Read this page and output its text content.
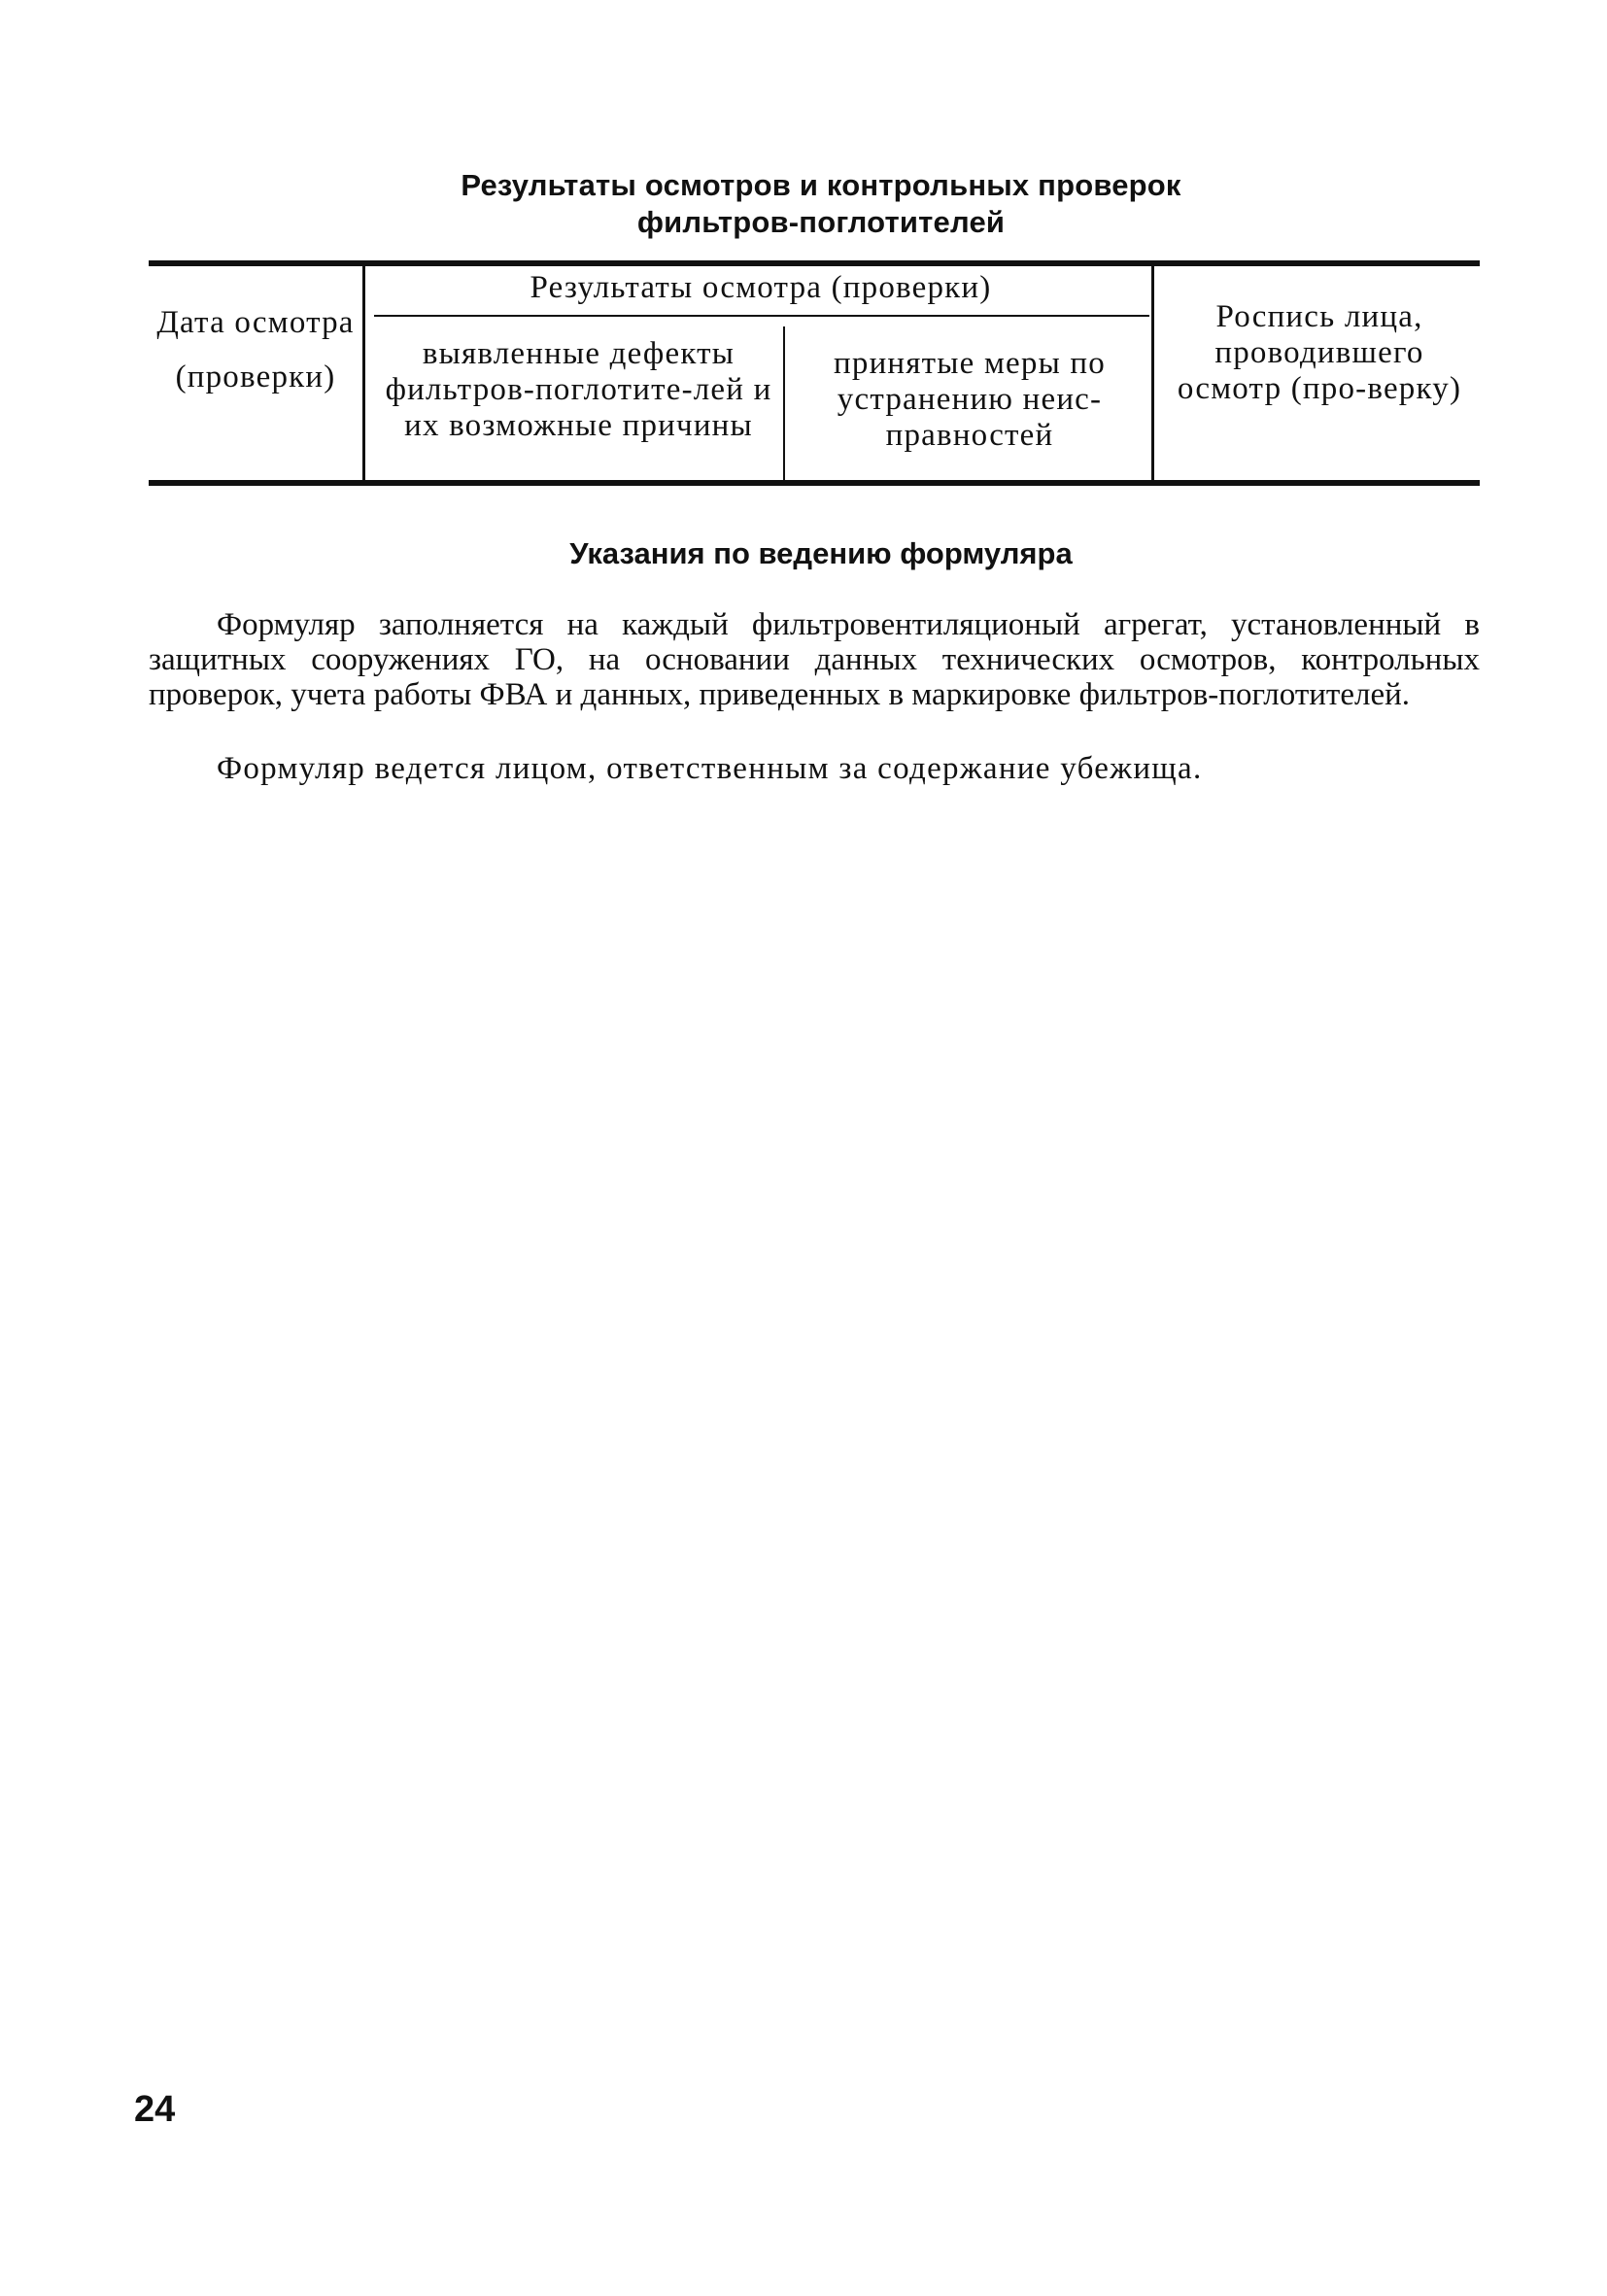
Результаты осмотров и контрольных проверок
фильтров-поглотителей
Дата осмотра (проверки)
Результаты осмотра (проверки)
выявленные дефекты фильтров-поглотите-лей и их возможные причины
принятые меры по устранению неис-правностей
Роспись лица, проводившего осмотр (про-верку)
Указания по ведению формуляра
Формуляр заполняется на каждый фильтровентиляционый агрегат, установленный в защитных сооружениях ГО, на основании данных технических осмотров, контрольных проверок, учета работы ФВА и данных, приведенных в маркировке фильтров-поглотителей.
Формуляр ведется лицом, ответственным за содержание убежища.
24
